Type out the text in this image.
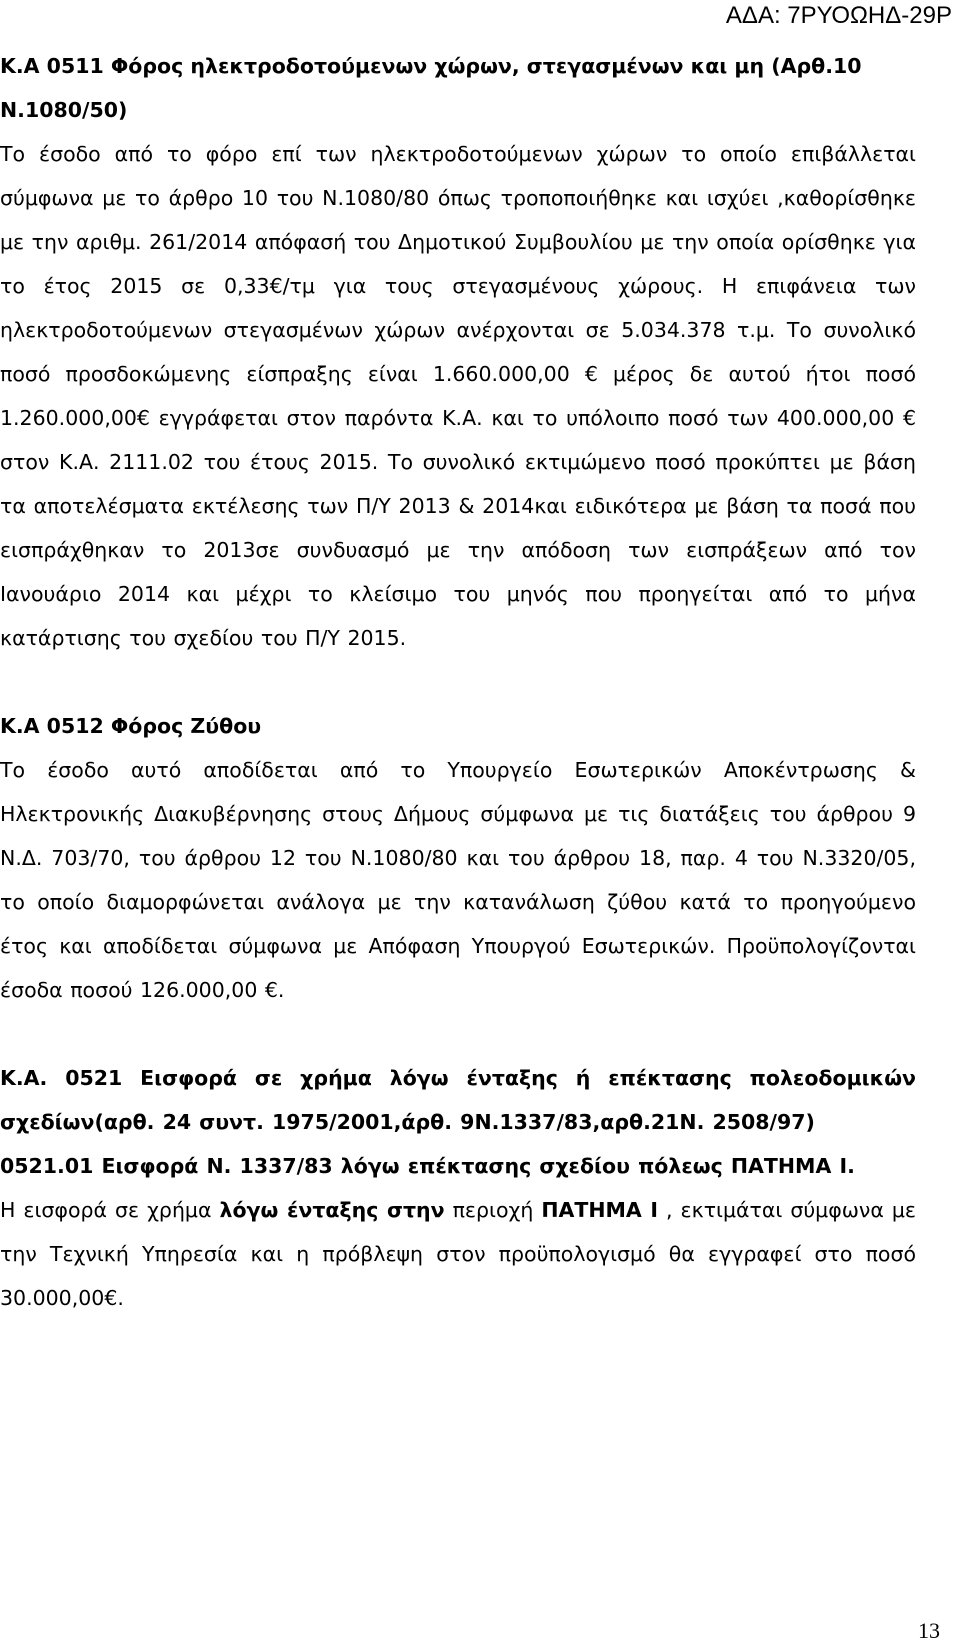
ΑΔΑ: 7ΡΥΟΩΗΔ-29Ρ

Κ.Α 0511 Φόρος ηλεκτροδοτούμενων χώρων, στεγασμένων και μη (Αρθ.10 Ν.1080/50)

Το έσοδο από το φόρο επί των ηλεκτροδοτούμενων χώρων το οποίο επιβάλλεται σύμφωνα με το άρθρο 10 του Ν.1080/80 όπως τροποποιήθηκε και ισχύει ,καθορίσθηκε με την αριθμ. 261/2014 απόφασή του Δημοτικού Συμβουλίου με την οποία ορίσθηκε για το έτος 2015 σε 0,33€/τμ για τους στεγασμένους χώρους. Η επιφάνεια των ηλεκτροδοτούμενων στεγασμένων χώρων ανέρχονται σε 5.034.378 τ.μ. Το συνολικό ποσό προσδοκώμενης είσπραξης είναι 1.660.000,00 € μέρος δε αυτού ήτοι ποσό 1.260.000,00€ εγγράφεται στον παρόντα Κ.Α. και το υπόλοιπο ποσό των 400.000,00 € στον Κ.Α. 2111.02 του έτους 2015. Το συνολικό εκτιμώμενο ποσό προκύπτει με βάση τα αποτελέσματα εκτέλεσης των Π/Υ 2013 & 2014και ειδικότερα με βάση τα ποσά που εισπράχθηκαν το 2013σε συνδυασμό με την απόδοση των εισπράξεων από τον Ιανουάριο 2014 και μέχρι το κλείσιμο του μηνός που προηγείται από το μήνα κατάρτισης του σχεδίου του Π/Υ 2015.

Κ.Α 0512 Φόρος Ζύθου

Το έσοδο αυτό αποδίδεται από το Υπουργείο Εσωτερικών Αποκέντρωσης & Ηλεκτρονικής Διακυβέρνησης στους Δήμους σύμφωνα με τις διατάξεις του άρθρου 9 Ν.Δ. 703/70, του άρθρου 12 του Ν.1080/80 και του άρθρου 18, παρ. 4 του Ν.3320/05, το οποίο διαμορφώνεται ανάλογα με την κατανάλωση ζύθου κατά το προηγούμενο έτος και αποδίδεται σύμφωνα με Απόφαση Υπουργού Εσωτερικών. Προϋπολογίζονται έσοδα ποσού 126.000,00 €.

Κ.Α. 0521 Εισφορά σε χρήμα λόγω ένταξης ή επέκτασης πολεοδομικών σχεδίων(αρθ. 24 συντ. 1975/2001,άρθ. 9Ν.1337/83,αρθ.21Ν. 2508/97)

0521.01 Εισφορά Ν. 1337/83 λόγω επέκτασης σχεδίου πόλεως ΠΑΤΗΜΑ Ι.

Η εισφορά σε χρήμα λόγω ένταξης στην περιοχή ΠΑΤΗΜΑ Ι , εκτιμάται σύμφωνα με την Τεχνική Υπηρεσία και η πρόβλεψη στον προϋπολογισμό θα εγγραφεί στο ποσό 30.000,00€.

13
